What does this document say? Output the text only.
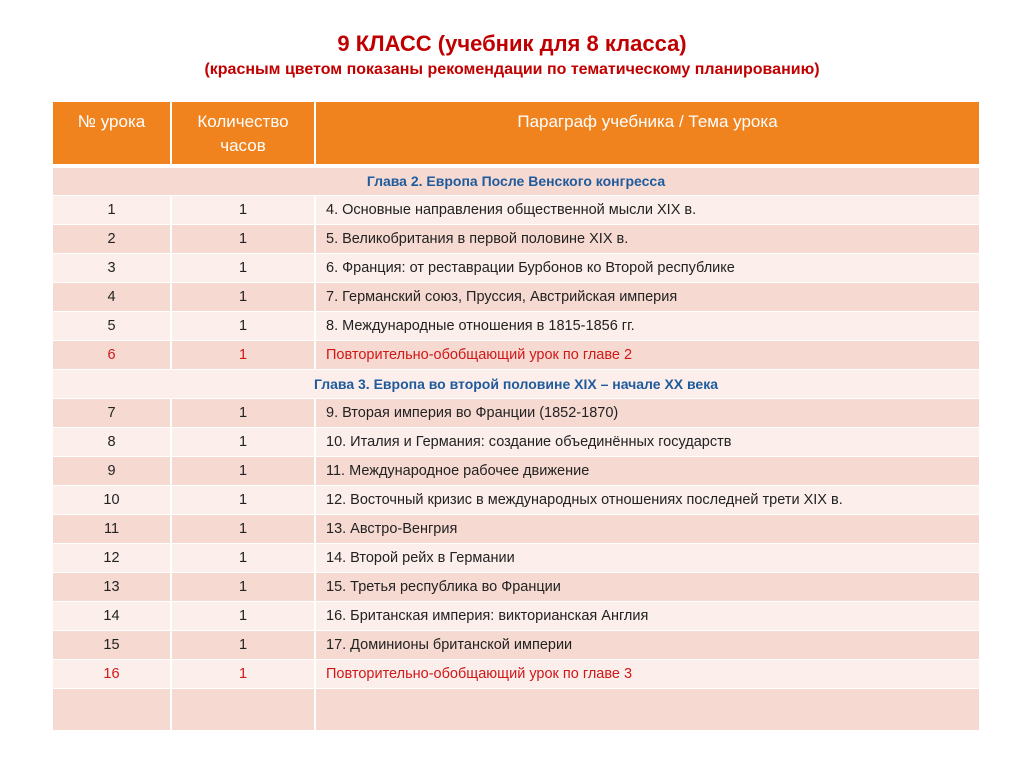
9 КЛАСС (учебник для 8 класса)
(красным цветом показаны рекомендации по тематическому планированию)
№ урока	Количество часов	Параграф учебника / Тема урока
Глава 2. Европа После Венского конгресса		
1	1	4. Основные направления общественной мысли XIX в.
2	1	5. Великобритания в первой половине XIX в.
3	1	6. Франция: от реставрации Бурбонов ко Второй республике
4	1	7. Германский союз, Пруссия, Австрийская империя
5	1	8. Международные отношения в 1815-1856 гг.
6	1	Повторительно-обобщающий урок по главе 2
Глава 3. Европа во второй половине XIX – начале XX века		
7	1	9. Вторая империя во Франции (1852-1870)
8	1	10. Италия и Германия: создание объединённых государств
9	1	11. Международное рабочее движение
10	1	12. Восточный кризис в международных отношениях последней трети XIX в.
11	1	13. Австро-Венгрия
12	1	14. Второй рейх в Германии
13	1	15. Третья республика во Франции
14	1	16. Британская империя: викторианская Англия
15	1	17. Доминионы британской империи
16	1	Повторительно-обобщающий урок по главе 3
